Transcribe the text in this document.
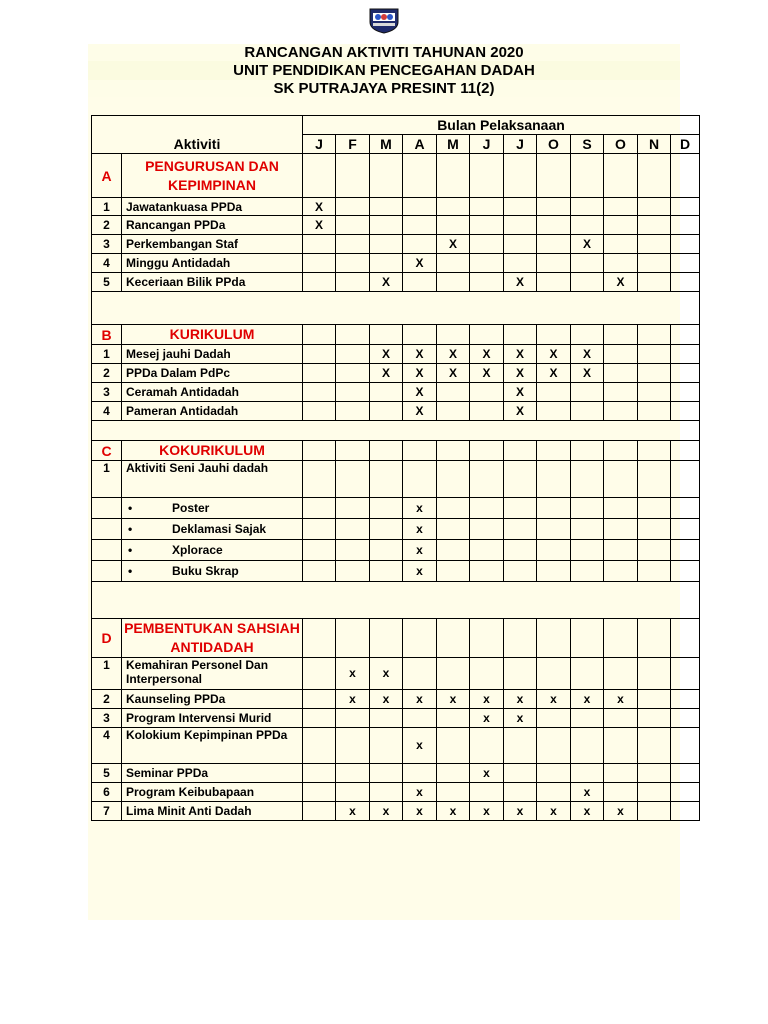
RANCANGAN AKTIVITI TAHUNAN 2020
UNIT PENDIDIKAN PENCEGAHAN DADAH
SK PUTRAJAYA PRESINT 11(2)
Aktiviti		Bulan Pelaksanaan											
		J	F	M	A	M	J	J	O	S	O	N	D
A	PENGURUSAN DAN KEPIMPINAN												
1	Jawatankuasa PPDa	X											
2	Rancangan PPDa	X											
3	Perkembangan Staf					X				X			
4	Minggu Antidadah				X								
5	Keceriaan Bilik PPda			X				X			X		

B	KURIKULUM												
1	Mesej jauhi Dadah			X	X	X	X	X	X	X			
2	PPDa Dalam PdPc			X	X	X	X	X	X	X			
3	Ceramah Antidadah				X			X					
4	Pameran Antidadah				X			X					

C	KOKURIKULUM												
1	Aktiviti Seni Jauhi dadah												
	• Poster				x								
	• Deklamasi Sajak				x								
	• Xplorace				x								
	• Buku Skrap				x								

D	PEMBENTUKAN SAHSIAH ANTIDADAH												
1	Kemahiran Personel Dan Interpersonal		x	x									
2	Kaunseling PPDa		x	x	x	x	x	x	x	x	x		
3	Program Intervensi Murid						x	x					
4	Kolokium Kepimpinan PPDa				x								
5	Seminar PPDa						x						
6	Program Keibubapaan				x					x			
7	Lima Minit Anti Dadah		x	x	x	x	x	x	x	x	x		
